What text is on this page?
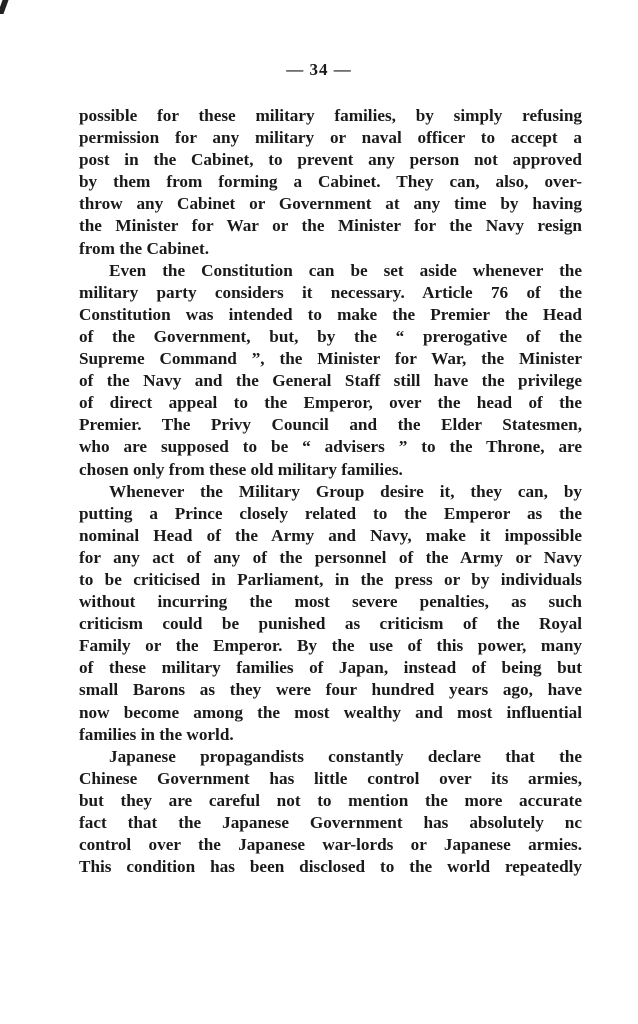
— 34 —

possible for these military families, by simply refusing
permission for any military or naval officer to accept a
post in the Cabinet, to prevent any person not approved
by them from forming a Cabinet. They can, also, over-
throw any Cabinet or Government at any time by having
the Minister for War or the Minister for the Navy resign
from the Cabinet.

Even the Constitution can be set aside whenever the
military party considers it necessary. Article 76 of the
Constitution was intended to make the Premier the Head
of the Government, but, by the “ prerogative of the
Supreme Command ”, the Minister for War, the Minister
of the Navy and the General Staff still have the privilege
of direct appeal to the Emperor, over the head of the
Premier. The Privy Council and the Elder Statesmen,
who are supposed to be “ advisers ” to the Throne, are
chosen only from these old military families.

Whenever the Military Group desire it, they can, by
putting a Prince closely related to the Emperor as the
nominal Head of the Army and Navy, make it impossible
for any act of any of the personnel of the Army or Navy
to be criticised in Parliament, in the press or by individuals
without incurring the most severe penalties, as such
criticism could be punished as criticism of the Royal
Family or the Emperor. By the use of this power, many
of these military families of Japan, instead of being but
small Barons as they were four hundred years ago, have
now become among the most wealthy and most influential
families in the world.

Japanese propagandists constantly declare that the
Chinese Government has little control over its armies,
but they are careful not to mention the more accurate
fact that the Japanese Government has absolutely nc
control over the Japanese war-lords or Japanese armies.
This condition has been disclosed to the world repeatedly
